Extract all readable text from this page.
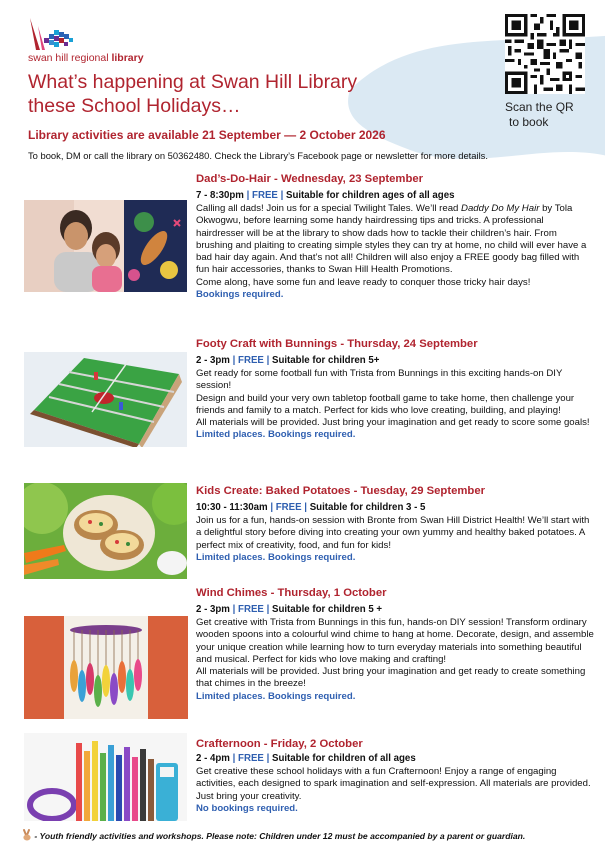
swan hill regional library
What’s happening at Swan Hill Library
these School Holidays…	Scan the QR
to book
Library activities are available 21 September — 2 October 2026
To book, DM or call the library on 50362480. Check the Library’s Facebook page or newsletter for more details.
Dad’s-Do-Hair - Wednesday, 23 September
7 - 8:30pm | FREE | Suitable for children ages of all ages

Calling all dads! Join us for a special Twilight Tales. We’ll read Daddy Do My Hair by Tola Okwogwu, before learning some handy hairdressing tips and tricks. A professional hairdresser will be at the library to show dads how to tackle their children’s hair. From brushing and plaiting to creating simple styles they can try at home, no child will ever have a bad hair day again. And that’s not all! Children will also enjoy a FREE goody bag filled with fun hair accessories, thanks to Swan Hill Health Promotions.

Come along, have some fun and leave ready to conquer those tricky hair days!

Bookings required.
Footy Craft with Bunnings - Thursday, 24 September
2 - 3pm | FREE | Suitable for children 5+

Get ready for some football fun with Trista from Bunnings in this exciting hands-on DIY session!

Design and build your very own tabletop football game to take home, then challenge your friends and family to a match. Perfect for kids who love creating, building, and playing!

All materials will be provided. Just bring your imagination and get ready to score some goals!

Limited places. Bookings required.
Kids Create: Baked Potatoes - Tuesday, 29 September
10:30 - 11:30am | FREE | Suitable for children 3 - 5

Join us for a fun, hands-on session with Bronte from Swan Hill District Health! We’ll start with a delightful story before diving into creating your own yummy and healthy baked potatoes. A perfect mix of creativity, food, and fun for kids!

Limited places. Bookings required.
Wind Chimes - Thursday, 1 October
2 - 3pm | FREE | Suitable for children 5 +

Get creative with Trista from Bunnings in this fun, hands-on DIY session! Transform ordinary wooden spoons into a colourful wind chime to hang at home. Decorate, design, and assemble your unique creation while learning how to turn everyday materials into something beautiful and musical. Perfect for kids who love making and crafting!

All materials will be provided. Just bring your imagination and get ready to create something that chimes in the breeze!

Limited places. Bookings required.
Crafternoon - Friday, 2 October
2 - 4pm | FREE | Suitable for children of all ages

Get creative these school holidays with a fun Crafternoon! Enjoy a range of engaging activities, each designed to spark imagination and self-expression. All materials are provided. Just bring your creativity.

No bookings required.
- Youth friendly activities and workshops. Please note: Children under 12 must be accompanied by a parent or guardian.
